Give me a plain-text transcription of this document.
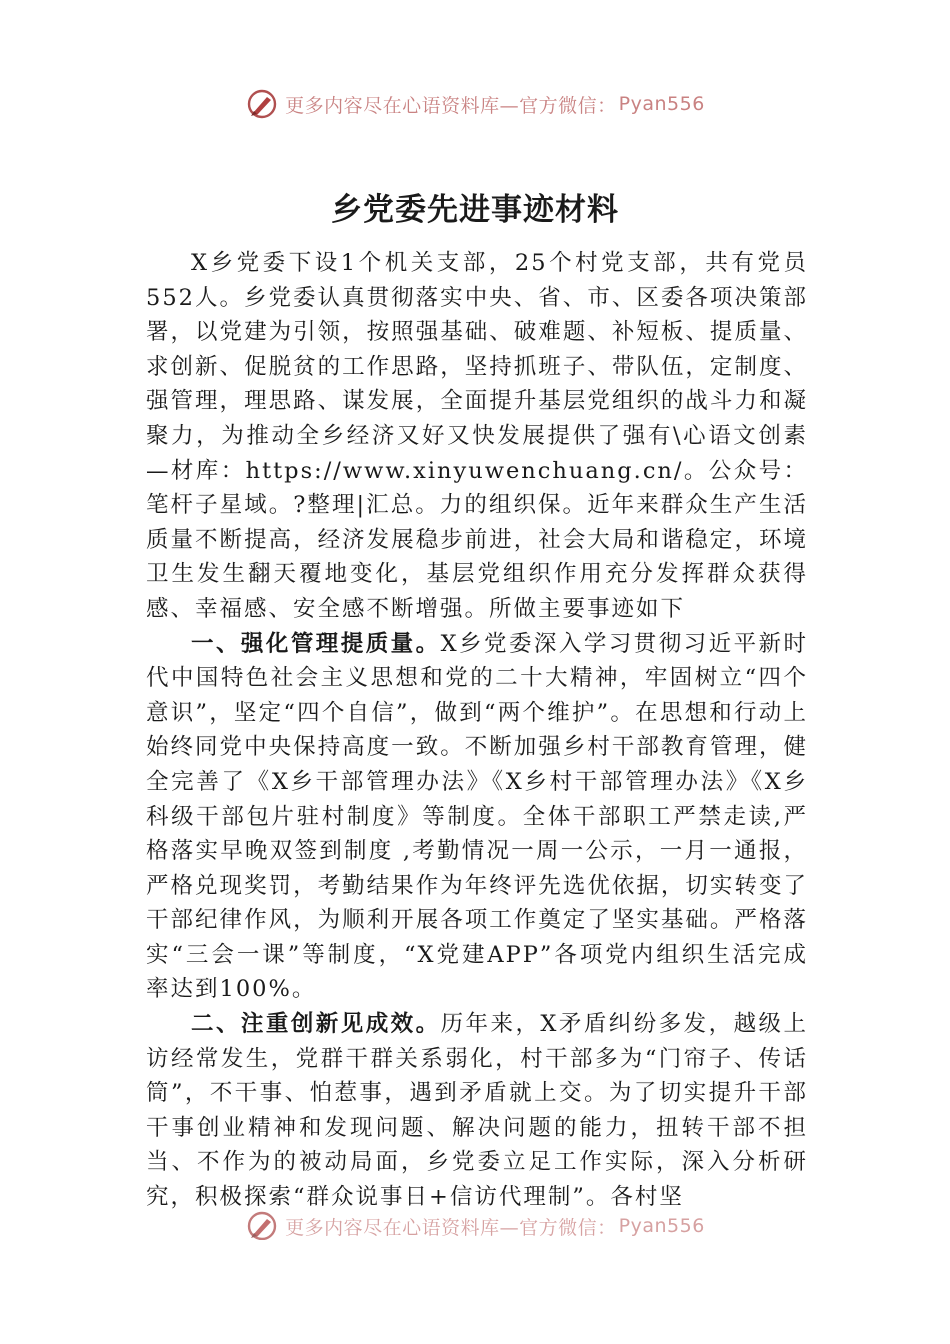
更多内容尽在心语资料库—官方微信： Pyan556
乡党委先进事迹材料

X乡党委下设1个机关支部，25个村党支部，共有党员552人。乡党委认真贯彻落实中央、省、市、区委各项决策部署，以党建为引领，按照强基础、破难题、补短板、提质量、求创新、促脱贫的工作思路，坚持抓班子、带队伍，定制度、强管理，理思路、谋发展，全面提升基层党组织的战斗力和凝聚力，为推动全乡经济又好又快发展提供了强有\心语文创素—材库：https://www.xinyuwenchuang.cn/。公众号：笔杆子星域。?整理|汇总。力的组织保。近年来群众生产生活质量不断提高，经济发展稳步前进，社会大局和谐稳定，环境卫生发生翻天覆地变化，基层党组织作用充分发挥群众获得感、幸福感、安全感不断增强。所做主要事迹如下

一、强化管理提质量。X乡党委深入学习贯彻习近平新时代中国特色社会主义思想和党的二十大精神，牢固树立“四个意识”，坚定“四个自信”，做到“两个维护”。在思想和行动上始终同党中央保持高度一致。不断加强乡村干部教育管理，健全完善了《X乡干部管理办法》《X乡村干部管理办法》《X乡科级干部包片驻村制度》等制度。全体干部职工严禁走读,严格落实早晚双签到制度 ,考勤情况一周一公示，一月一通报，严格兑现奖罚，考勤结果作为年终评先选优依据，切实转变了干部纪律作风，为顺利开展各项工作奠定了坚实基础。严格落实“三会一课”等制度，“X党建APP”各项党内组织生活完成率达到100%。

二、注重创新见成效。历年来，X矛盾纠纷多发，越级上访经常发生，党群干群关系弱化，村干部多为“门帘子、传话筒”，不干事、怕惹事，遇到矛盾就上交。为了切实提升干部干事创业精神和发现问题、解决问题的能力，扭转干部不担当、不作为的被动局面，乡党委立足工作实际，深入分析研究，积极探索“群众说事日+信访代理制”。各村坚

更多内容尽在心语资料库—官方微信： Pyan556
